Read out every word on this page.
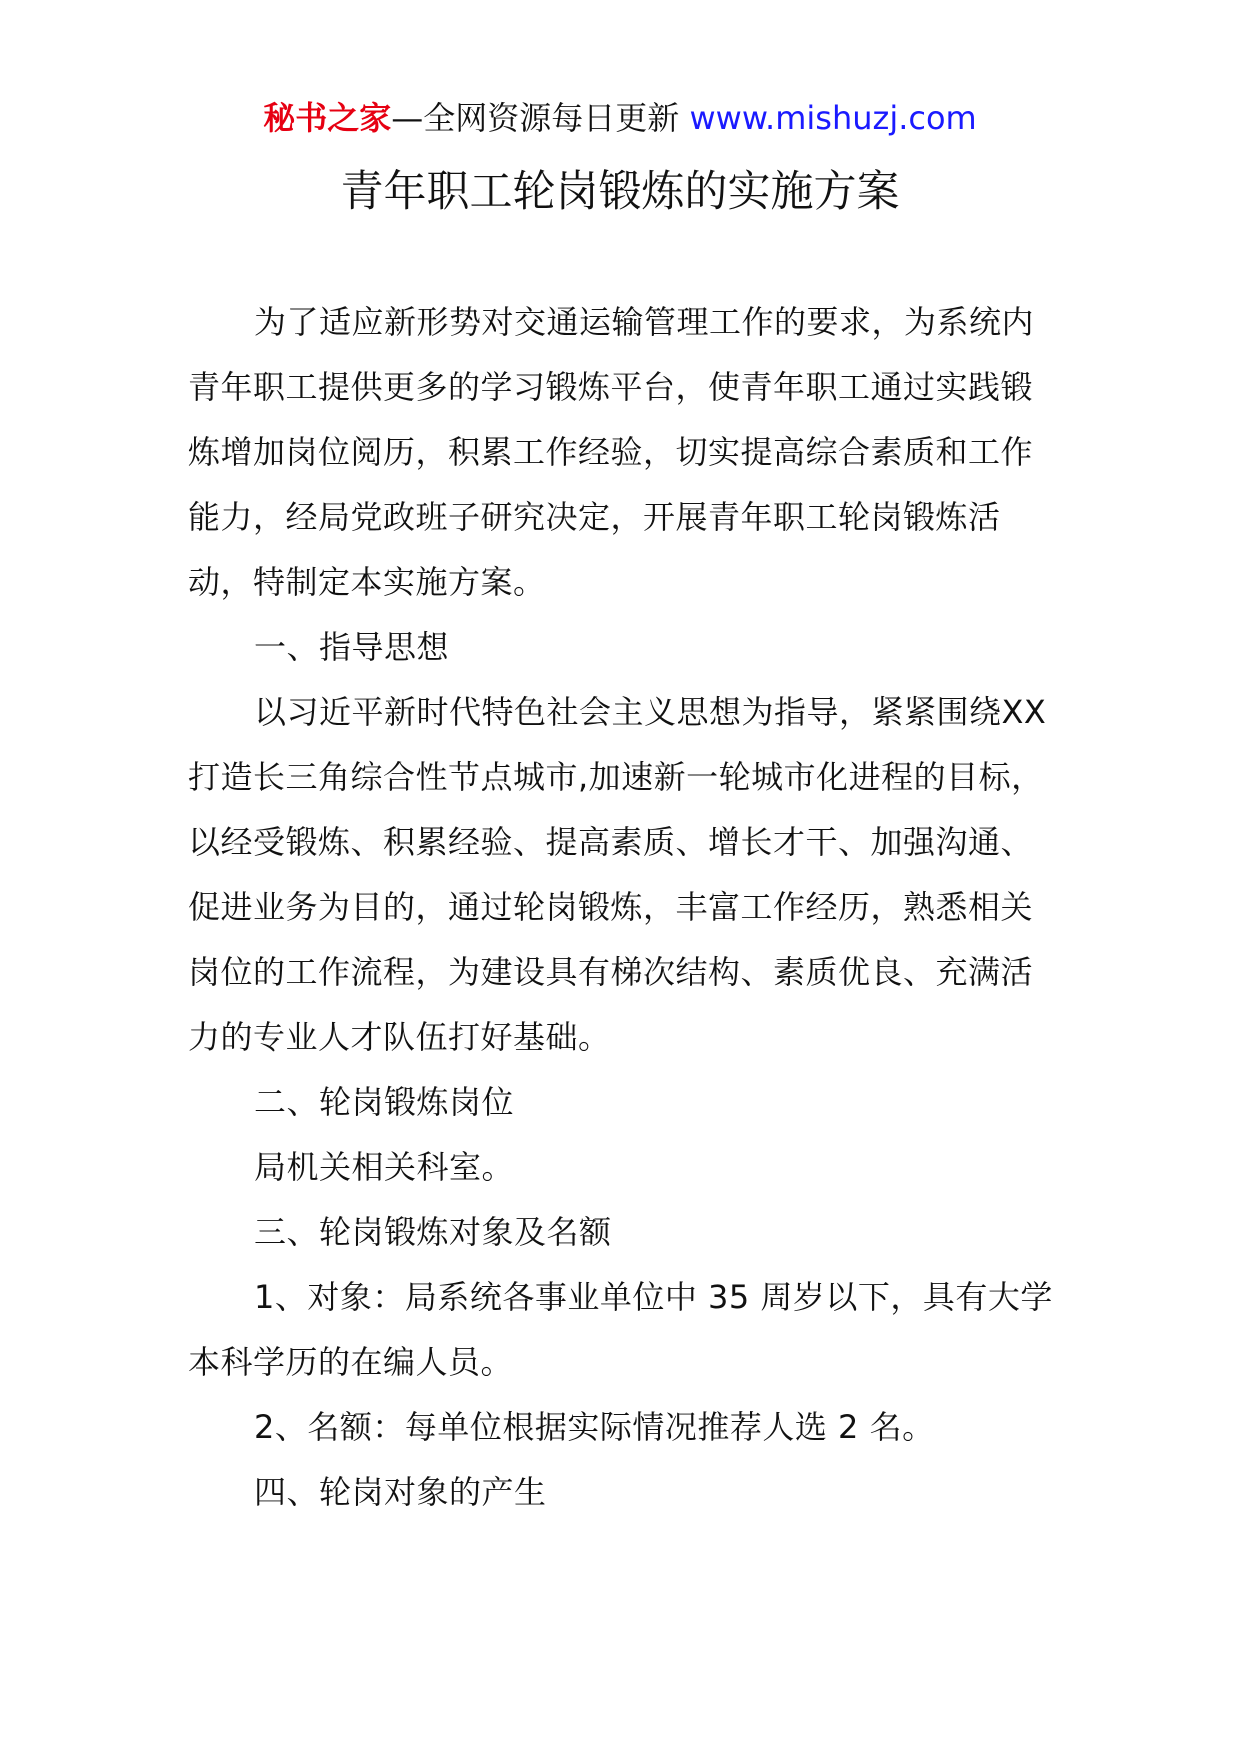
秘书之家—全网资源每日更新 www.mishuzj.com
青年职工轮岗锻炼的实施方案

为了适应新形势对交通运输管理工作的要求，为系统内青年职工提供更多的学习锻炼平台，使青年职工通过实践锻炼增加岗位阅历，积累工作经验，切实提高综合素质和工作能力，经局党政班子研究决定，开展青年职工轮岗锻炼活动，特制定本实施方案。

一、指导思想

以习近平新时代特色社会主义思想为指导，紧紧围绕XX 打造长三角综合性节点城市,加速新一轮城市化进程的目标，以经受锻炼、积累经验、提高素质、增长才干、加强沟通、促进业务为目的，通过轮岗锻炼，丰富工作经历，熟悉相关岗位的工作流程，为建设具有梯次结构、素质优良、充满活力的专业人才队伍打好基础。

二、轮岗锻炼岗位

局机关相关科室。

三、轮岗锻炼对象及名额

1、对象：局系统各事业单位中 35 周岁以下，具有大学本科学历的在编人员。

2、名额：每单位根据实际情况推荐人选 2 名。

四、轮岗对象的产生
